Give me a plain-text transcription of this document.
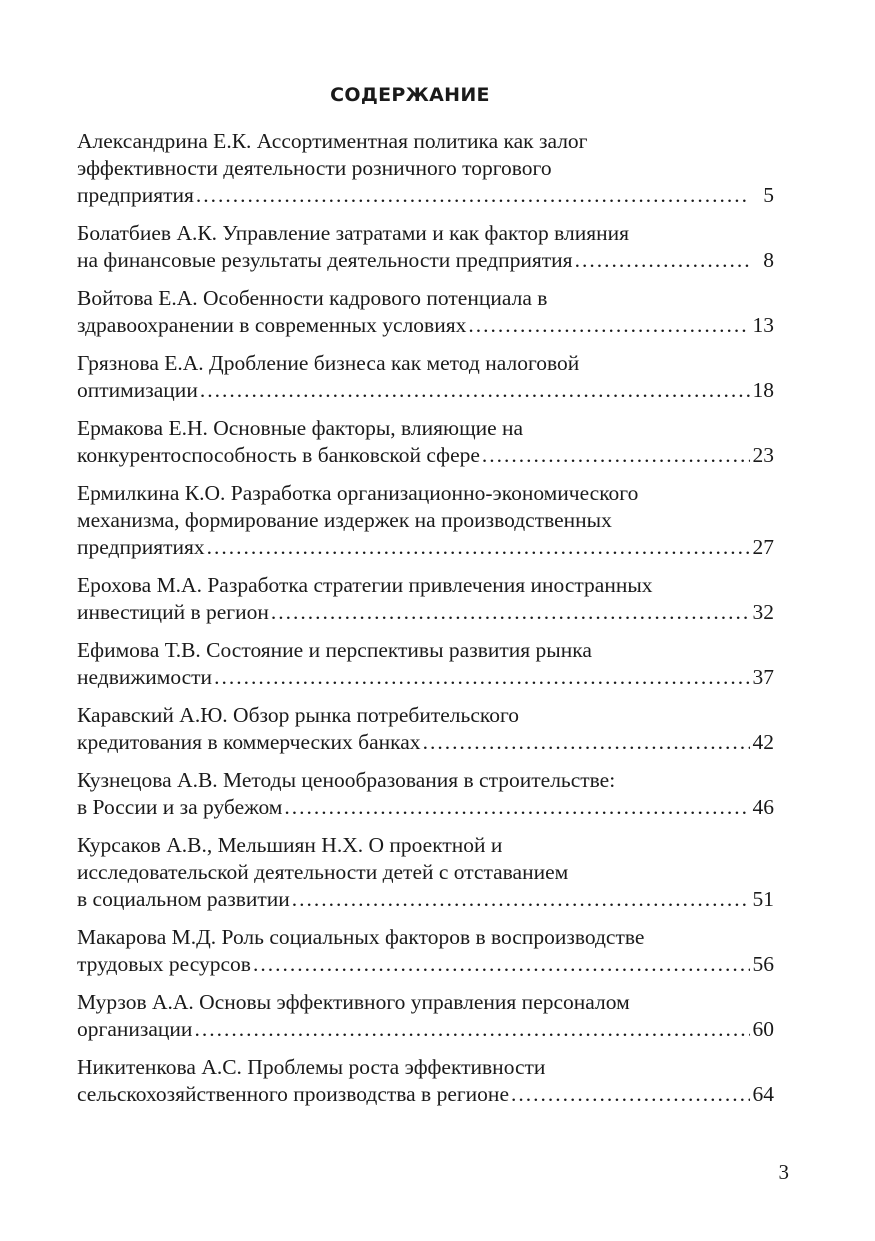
СОДЕРЖАНИЕ
Александрина Е.К. Ассортиментная политика как залог
эффективности деятельности розничного торгового
предприятия .....	5
Болатбиев А.К. Управление затратами и как фактор влияния
на финансовые результаты деятельности предприятия .....	8
Войтова Е.А. Особенности кадрового потенциала в
здравоохранении в современных условиях .....	13
Грязнова Е.А. Дробление бизнеса как метод налоговой
оптимизации .....	18
Ермакова Е.Н. Основные факторы, влияющие на
конкурентоспособность в банковской сфере .....	23
Ермилкина К.О. Разработка организационно-экономического
механизма, формирование издержек на производственных
предприятиях .....	27
Ерохова М.А. Разработка стратегии привлечения иностранных
инвестиций в регион .....	32
Ефимова Т.В. Состояние и перспективы развития рынка
недвижимости .....	37
Каравский А.Ю. Обзор рынка потребительского
кредитования в коммерческих банках .....	42
Кузнецова А.В. Методы ценообразования в строительстве:
в России и за рубежом .....	46
Курсаков А.В., Мельшиян Н.Х. О проектной и
исследовательской деятельности детей с отставанием
в социальном развитии .....	51
Макарова М.Д. Роль социальных факторов в воспроизводстве
трудовых ресурсов .....	56
Мурзов А.А. Основы эффективного управления персоналом
организации .....	60
Никитенкова А.С. Проблемы роста эффективности
сельскохозяйственного производства в регионе .....	64
3
